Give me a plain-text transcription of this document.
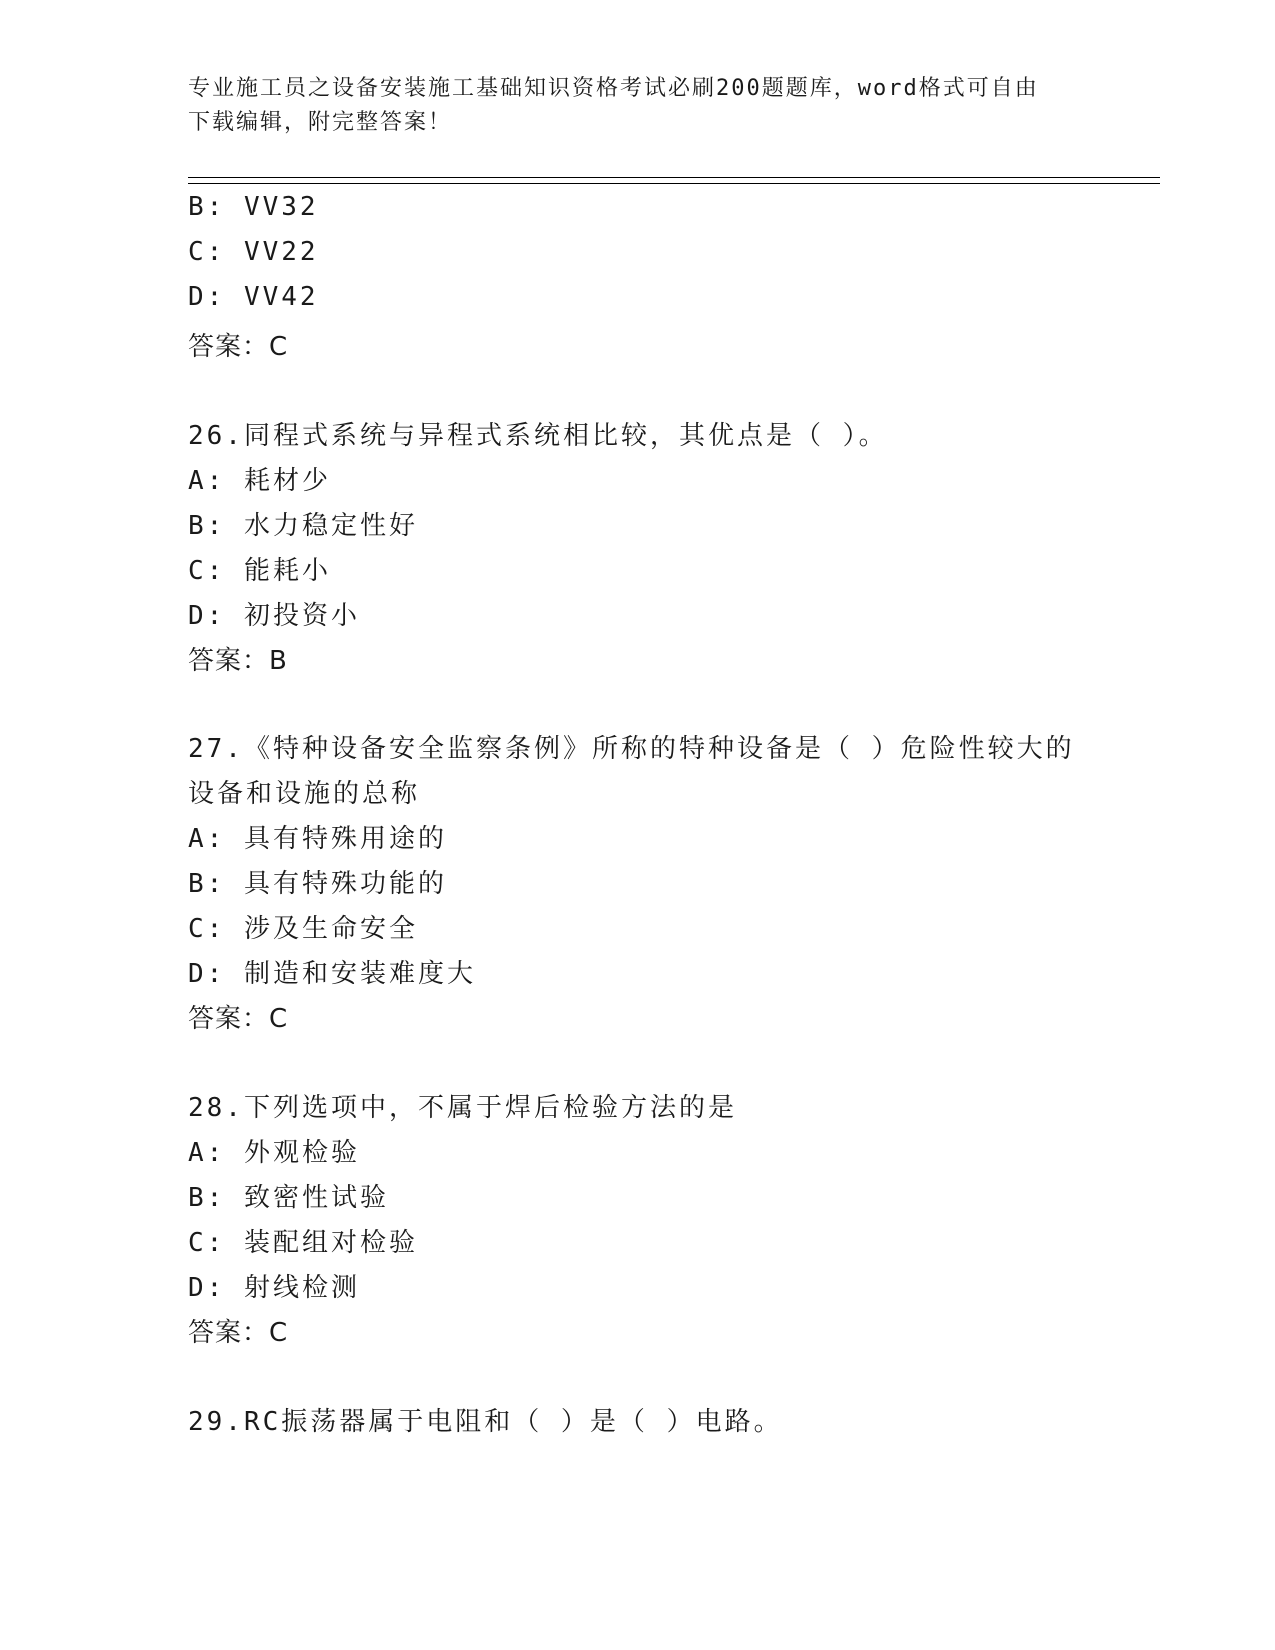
专业施工员之设备安装施工基础知识资格考试必刷200题题库，word格式可自由
下载编辑，附完整答案！
B: VV32
C: VV22
D: VV42
答案：C
26.同程式系统与异程式系统相比较，其优点是（ ）。
A: 耗材少
B: 水力稳定性好
C: 能耗小
D: 初投资小
答案：B
27.《特种设备安全监察条例》所称的特种设备是（ ）危险性较大的
设备和设施的总称
A: 具有特殊用途的
B: 具有特殊功能的
C: 涉及生命安全
D: 制造和安装难度大
答案：C
28.下列选项中，不属于焊后检验方法的是
A: 外观检验
B: 致密性试验
C: 装配组对检验
D: 射线检测
答案：C
29.RC振荡器属于电阻和（ ）是（ ）电路。
